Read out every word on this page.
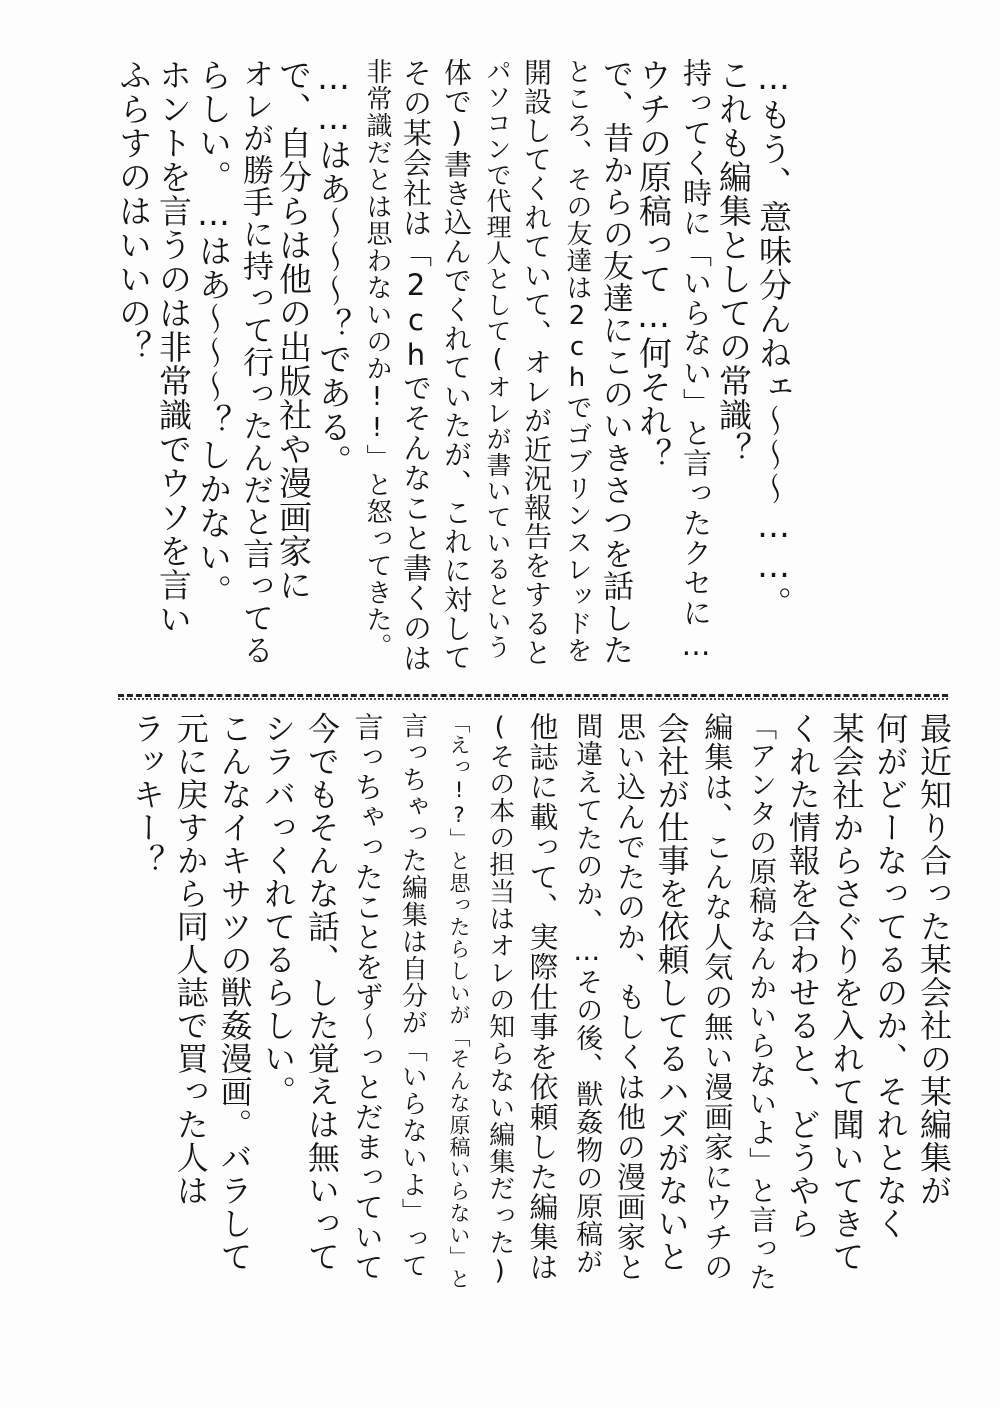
…もう、意味分んねェ〜〜〜……。
これも編集としての常識？
持ってく時に「いらない」と言ったクセに…
ウチの原稿って…何それ？
で、昔からの友達にこのいきさつを話した
ところ、その友達は2chでゴブリンスレッドを
開設してくれていて、オレが近況報告をすると
パソコンで代理人として(オレが書いているという
体で)書き込んでくれていたが、これに対して
その某会社は「2chでそんなこと書くのは
非常識だとは思わないのか!!」と怒ってきた。
……はあ〜〜〜？である。
で、自分らは他の出版社や漫画家に
オレが勝手に持って行ったんだと言ってる
らしい。…はあ〜〜〜？しかない。
ホントを言うのは非常識でウソを言い
ふらすのはいいの？
最近知り合った某会社の某編集が
何がどーなってるのか、それとなく
某会社からさぐりを入れて聞いてきて
くれた情報を合わせると、どうやら
「アンタの原稿なんかいらないよ」と言った
編集は、こんな人気の無い漫画家にウチの
会社が仕事を依頼してるハズがないと
思い込んでたのか、もしくは他の漫画家と
間違えてたのか、…その後、獣姦物の原稿が
他誌に載って、実際仕事を依頼した編集は
(その本の担当はオレの知らない編集だった)
「えっ!?」と思ったらしいが「そんな原稿いらない」と
言っちゃった編集は自分が「いらないよ」って
言っちゃったことをず〜っとだまっていて
今でもそんな話、した覚えは無いって
シラバっくれてるらしい。
こんなイキサツの獣姦漫画。バラして
元に戻すから同人誌で買った人は
ラッキー？
